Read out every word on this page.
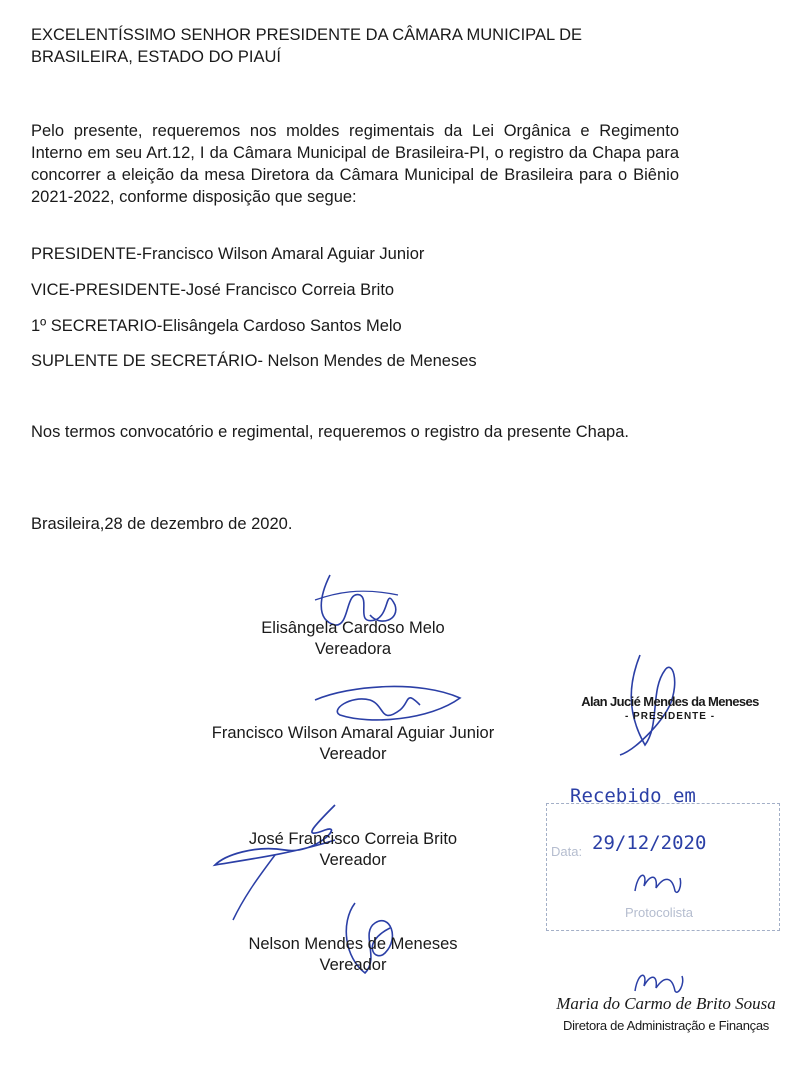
EXCELENTÍSSIMO SENHOR PRESIDENTE DA CÂMARA MUNICIPAL DE
BRASILEIRA, ESTADO DO PIAUÍ
Pelo presente, requeremos nos moldes regimentais da Lei Orgânica e Regimento Interno em seu Art.12, I da Câmara Municipal de Brasileira-PI, o registro da Chapa para concorrer a eleição da mesa Diretora da Câmara Municipal de Brasileira para o Biênio 2021-2022, conforme disposição que segue:
PRESIDENTE-Francisco Wilson Amaral Aguiar Junior
VICE-PRESIDENTE-José Francisco Correia Brito
1º SECRETARIO-Elisângela Cardoso Santos Melo
SUPLENTE DE SECRETÁRIO- Nelson Mendes de Meneses
Nos termos convocatório e regimental, requeremos o registro da presente Chapa.
Brasileira,28 de dezembro de 2020.
Elisângela Cardoso Melo
Vereadora
Francisco Wilson Amaral Aguiar Junior
Vereador
José Francisco Correia Brito
Vereador
Nelson Mendes de Meneses
Vereador
Alan Jucié Mendes da Meneses
- PRESIDENTE -
Recebido em
Data: 29/12/2020
Protocolista
Maria do Carmo de Brito Sousa
Diretora de Administração e Finanças
